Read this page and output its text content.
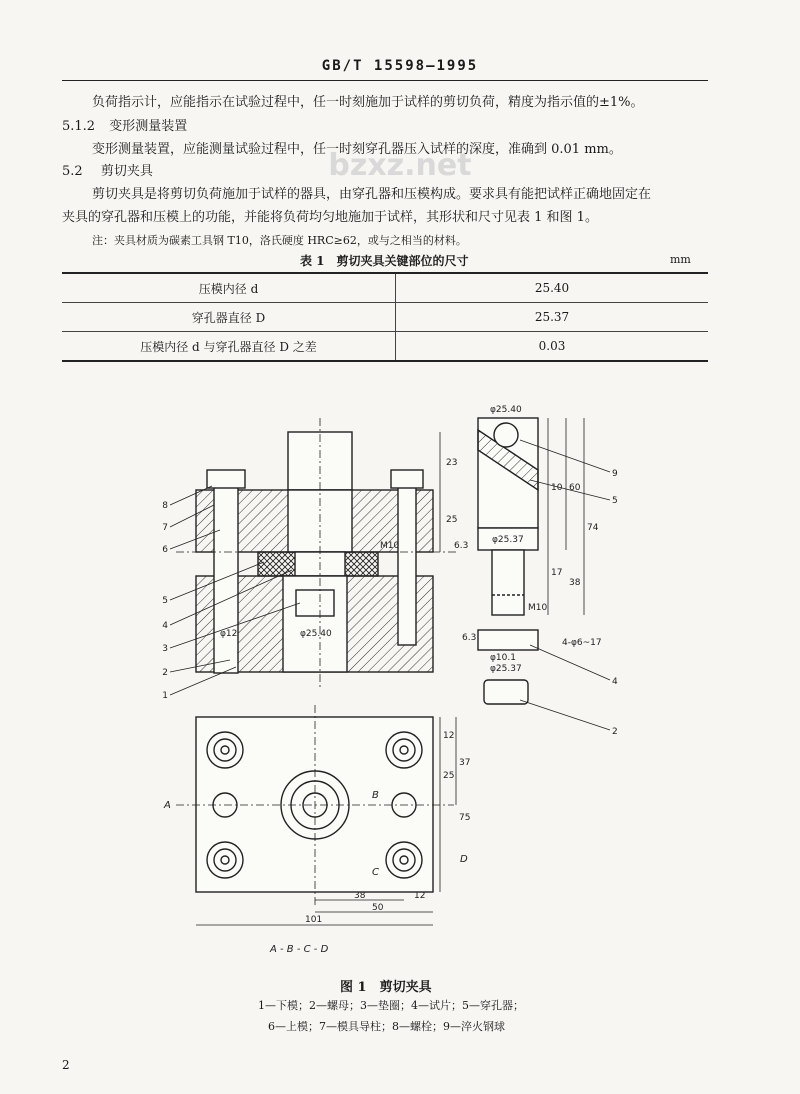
GB/T 15598—1995
负荷指示计，应能指示在试验过程中，任一时刻施加于试样的剪切负荷，精度为指示值的±1%。
5.1.2 变形测量装置
变形测量装置，应能测量试验过程中，任一时刻穿孔器压入试样的深度，准确到 0.01 mm。
5.2 剪切夹具
剪切夹具是将剪切负荷施加于试样的器具，由穿孔器和压模构成。要求具有能把试样正确地固定在
夹具的穿孔器和压模上的功能，并能将负荷均匀地施加于试样，其形状和尺寸见表 1 和图 1。
注：夹具材质为碳素工具钢 T10，洛氏硬度 HRC≥62，或与之相当的材料。
表 1　剪切夹具关键部位的尺寸	mm
压模内径 d	25.40
穿孔器直径 D	25.37
压模内径 d 与穿孔器直径 D 之差	0.03
bzxz.net
23
25
M10
φ12	φ25.40
6.3
8
7
6
5
4
3
2
1
φ25.40
φ25.37
M10
φ10.1
φ25.37
4-φ6~17
10 60
74
17
38
6.3
9
5
4
2
38
50
12
101
25
12
37
75
A
B
C
D
A - B - C - D
图 1　剪切夹具
1—下模；2—螺母；3—垫圈；4—试片；5—穿孔器；
6—上模；7—模具导柱；8—螺栓；9—淬火钢球
2
